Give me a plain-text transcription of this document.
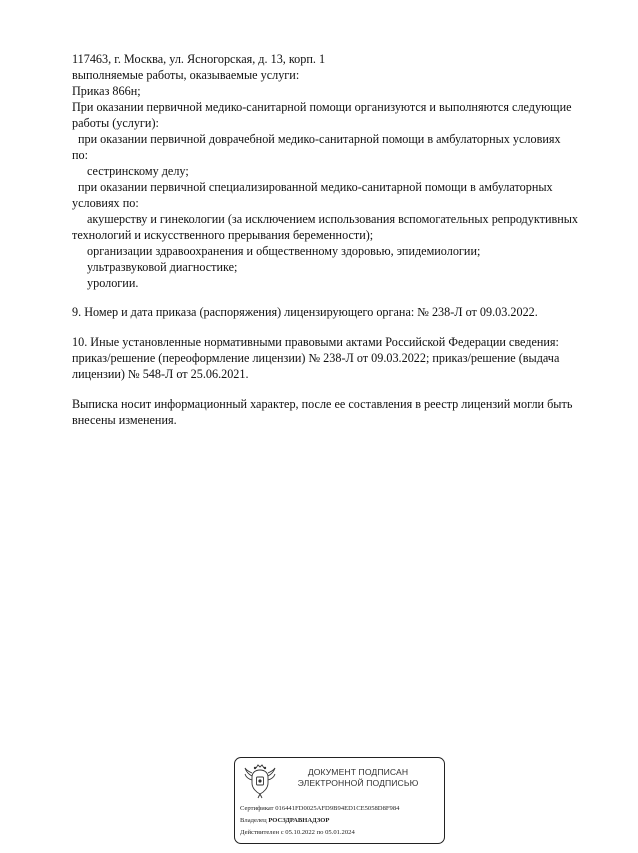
117463, г. Москва, ул. Ясногорская, д. 13, корп. 1
выполняемые работы, оказываемые услуги:
Приказ 866н;
При оказании первичной медико-санитарной помощи организуются и выполняются следующие
работы (услуги):
при оказании первичной доврачебной медико-санитарной помощи в амбулаторных условиях
по:
сестринскому делу;
при оказании первичной специализированной медико-санитарной помощи в амбулаторных
условиях по:
акушерству и гинекологии (за исключением использования вспомогательных репродуктивных
технологий и искусственного прерывания беременности);
организации здравоохранения и общественному здоровью, эпидемиологии;
ультразвуковой диагностике;
урологии.
9. Номер и дата приказа (распоряжения) лицензирующего органа: № 238-Л от 09.03.2022.
10. Иные установленные нормативными правовыми актами Российской Федерации сведения:
приказ/решение (переоформление лицензии) № 238-Л от 09.03.2022; приказ/решение (выдача
лицензии) № 548-Л от 25.06.2021.
Выписка носит информационный характер, после ее составления в реестр лицензий могли быть
внесены изменения.
ДОКУМЕНТ ПОДПИСАН
ЭЛЕКТРОННОЙ ПОДПИСЬЮ
Сертификат 016441FD0025AFD9B94ED1CE5058D8F984
Владелец РОСЗДРАВНАДЗОР
Действителен с 05.10.2022 по 05.01.2024
